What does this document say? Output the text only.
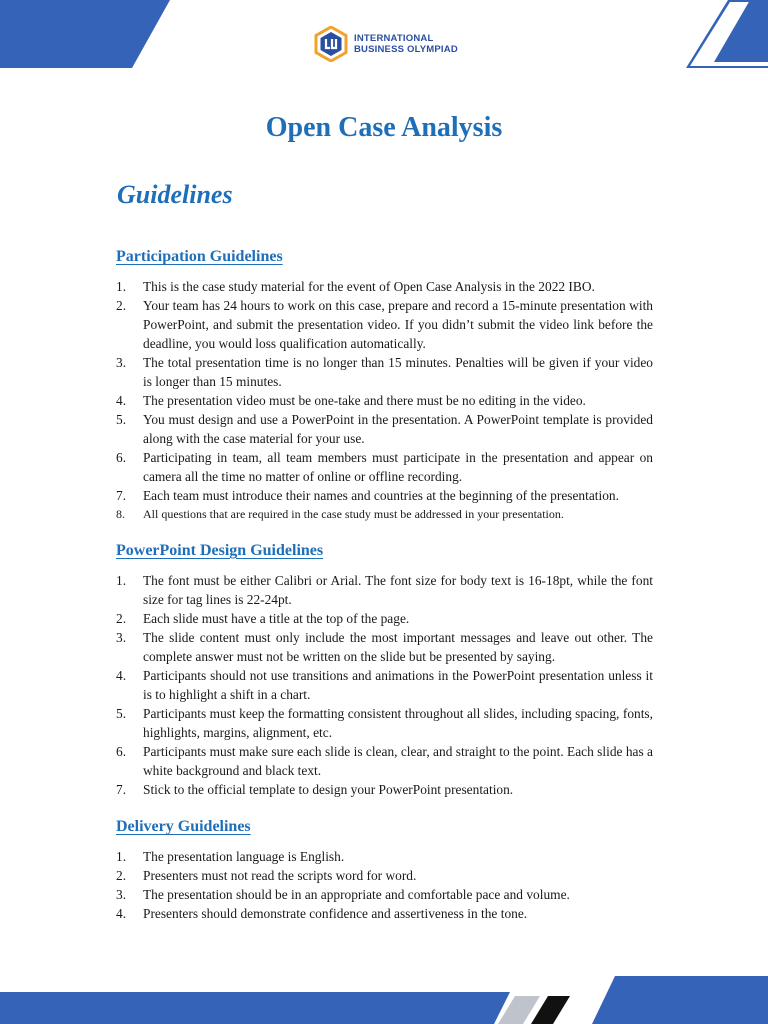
INTERNATIONAL
BUSINESS OLYMPIAD
Open Case Analysis
Guidelines
Participation Guidelines
1. This is the case study material for the event of Open Case Analysis in the 2022 IBO.
2. Your team has 24 hours to work on this case, prepare and record a 15-minute presentation with PowerPoint, and submit the presentation video. If you didn’t submit the video link before the deadline, you would loss qualification automatically.
3. The total presentation time is no longer than 15 minutes. Penalties will be given if your video is longer than 15 minutes.
4. The presentation video must be one-take and there must be no editing in the video.
5. You must design and use a PowerPoint in the presentation. A PowerPoint template is provided along with the case material for your use.
6. Participating in team, all team members must participate in the presentation and appear on camera all the time no matter of online or offline recording.
7. Each team must introduce their names and countries at the beginning of the presentation.
8. All questions that are required in the case study must be addressed in your presentation.
PowerPoint Design Guidelines
1. The font must be either Calibri or Arial. The font size for body text is 16-18pt, while the font size for tag lines is 22-24pt.
2. Each slide must have a title at the top of the page.
3. The slide content must only include the most important messages and leave out other. The complete answer must not be written on the slide but be presented by saying.
4. Participants should not use transitions and animations in the PowerPoint presentation unless it is to highlight a shift in a chart.
5. Participants must keep the formatting consistent throughout all slides, including spacing, fonts, highlights, margins, alignment, etc.
6. Participants must make sure each slide is clean, clear, and straight to the point. Each slide has a white background and black text.
7. Stick to the official template to design your PowerPoint presentation.
Delivery Guidelines
1. The presentation language is English.
2. Presenters must not read the scripts word for word.
3. The presentation should be in an appropriate and comfortable pace and volume.
4. Presenters should demonstrate confidence and assertiveness in the tone.
